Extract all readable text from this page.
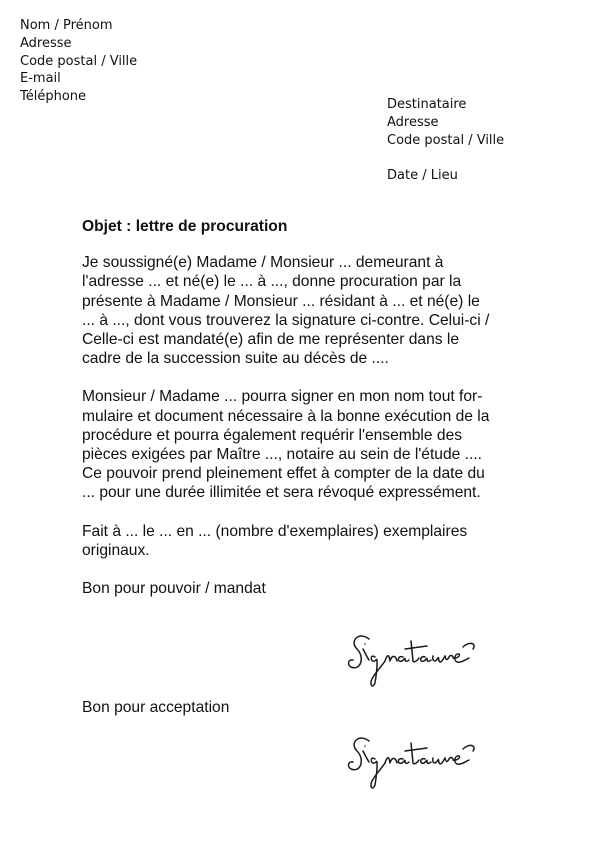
Nom / Prénom
Adresse
Code postal / Ville
E-mail
Téléphone
Destinataire
Adresse
Code postal / Ville
Date / Lieu
Objet : lettre de procuration
Je soussigné(e) Madame / Monsieur ... demeurant à
l'adresse ... et né(e) le ... à ..., donne procuration par la
présente à Madame / Monsieur ... résidant à ... et né(e) le
... à ..., dont vous trouverez la signature ci-contre. Celui-ci /
Celle-ci est mandaté(e) afin de me représenter dans le
cadre de la succession suite au décès de ....
Monsieur / Madame ... pourra signer en mon nom tout for-
mulaire et document nécessaire à la bonne exécution de la
procédure et pourra également requérir l'ensemble des
pièces exigées par Maître ..., notaire au sein de l'étude ....
Ce pouvoir prend pleinement effet à compter de la date du
... pour une durée illimitée et sera révoqué expressément.
Fait à ... le ... en ... (nombre d'exemplaires) exemplaires
originaux.
Bon pour pouvoir / mandat
Bon pour acceptation
